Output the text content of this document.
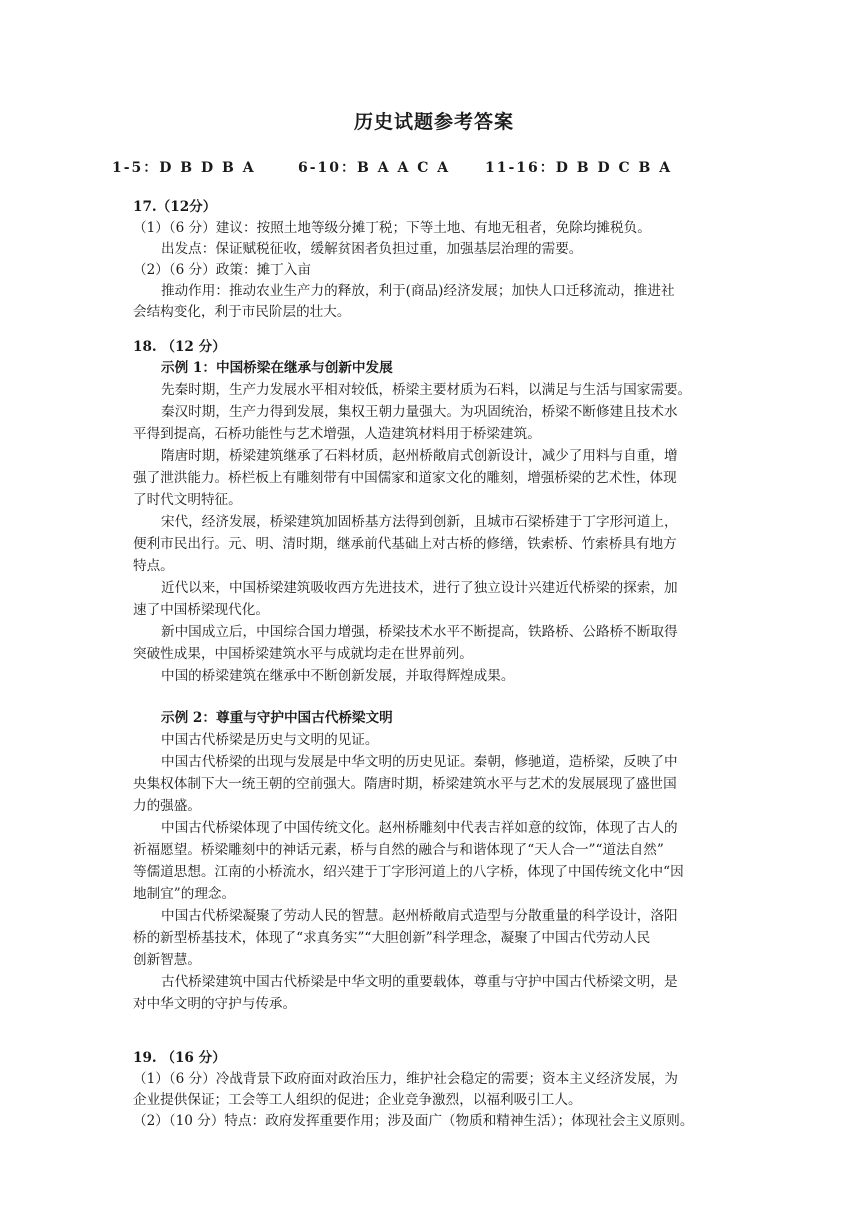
历史试题参考答案
1-5：D B D B A	6-10：B A A C A 11-16：D B D C B A
17.（12分）
（1）（6 分）建议：按照土地等级分摊丁税；下等土地、有地无租者，免除均摊税负。
出发点：保证赋税征收，缓解贫困者负担过重，加强基层治理的需要。
（2）（6 分）政策：摊丁入亩
推动作用：推动农业生产力的释放，利于(商品)经济发展；加快人口迁移流动，推进社
会结构变化，利于市民阶层的壮大。
18. （12 分）
示例 1：中国桥梁在继承与创新中发展
先秦时期，生产力发展水平相对较低，桥梁主要材质为石料，以满足与生活与国家需要。
秦汉时期，生产力得到发展，集权王朝力量强大。为巩固统治，桥梁不断修建且技术水
平得到提高，石桥功能性与艺术增强，人造建筑材料用于桥梁建筑。
隋唐时期，桥梁建筑继承了石料材质，赵州桥敞肩式创新设计，减少了用料与自重，增
强了泄洪能力。桥栏板上有雕刻带有中国儒家和道家文化的雕刻，增强桥梁的艺术性，体现
了时代文明特征。
宋代，经济发展，桥梁建筑加固桥基方法得到创新，且城市石梁桥建于丁字形河道上，
便利市民出行。元、明、清时期，继承前代基础上对古桥的修缮，铁索桥、竹索桥具有地方
特点。
近代以来，中国桥梁建筑吸收西方先进技术，进行了独立设计兴建近代桥梁的探索，加
速了中国桥梁现代化。
新中国成立后，中国综合国力增强，桥梁技术水平不断提高，铁路桥、公路桥不断取得
突破性成果，中国桥梁建筑水平与成就均走在世界前列。
中国的桥梁建筑在继承中不断创新发展，并取得辉煌成果。
示例 2：尊重与守护中国古代桥梁文明
中国古代桥梁是历史与文明的见证。
中国古代桥梁的出现与发展是中华文明的历史见证。秦朝，修驰道，造桥梁，反映了中
央集权体制下大一统王朝的空前强大。隋唐时期，桥梁建筑水平与艺术的发展展现了盛世国
力的强盛。
中国古代桥梁体现了中国传统文化。赵州桥雕刻中代表吉祥如意的纹饰，体现了古人的
祈福愿望。桥梁雕刻中的神话元素，桥与自然的融合与和谐体现了“天人合一”“道法自然”
等儒道思想。江南的小桥流水，绍兴建于丁字形河道上的八字桥，体现了中国传统文化中“因
地制宜”的理念。
中国古代桥梁凝聚了劳动人民的智慧。赵州桥敞肩式造型与分散重量的科学设计，洛阳
桥的新型桥基技术，体现了“求真务实”“大胆创新”科学理念，凝聚了中国古代劳动人民
创新智慧。
古代桥梁建筑中国古代桥梁是中华文明的重要载体，尊重与守护中国古代桥梁文明，是
对中华文明的守护与传承。
19. （16 分）
（1）（6 分）冷战背景下政府面对政治压力，维护社会稳定的需要；资本主义经济发展，为
企业提供保证；工会等工人组织的促进；企业竞争激烈，以福利吸引工人。
（2）（10 分）特点：政府发挥重要作用；涉及面广（物质和精神生活）；体现社会主义原则。
